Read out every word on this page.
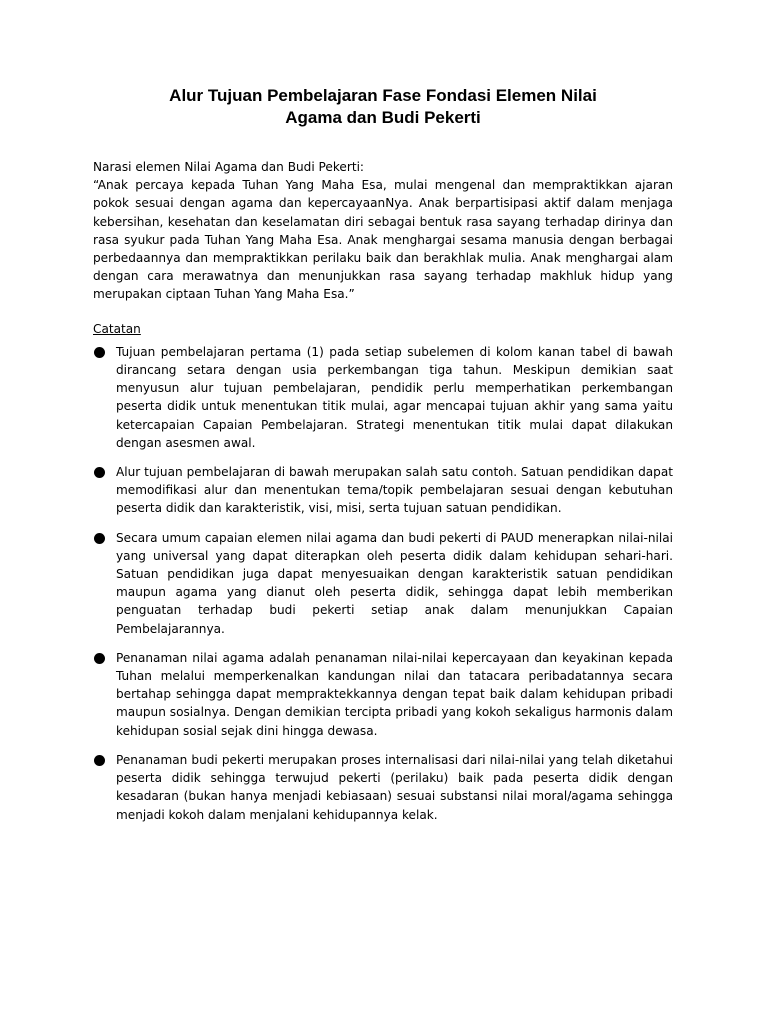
Alur Tujuan Pembelajaran Fase Fondasi Elemen Nilai
Agama dan Budi Pekerti

Narasi elemen Nilai Agama dan Budi Pekerti:

“Anak percaya kepada Tuhan Yang Maha Esa, mulai mengenal dan mempraktikkan ajaran pokok sesuai dengan agama dan kepercayaanNya. Anak berpartisipasi aktif dalam menjaga kebersihan, kesehatan dan keselamatan diri sebagai bentuk rasa sayang terhadap dirinya dan rasa syukur pada Tuhan Yang Maha Esa. Anak menghargai sesama manusia dengan berbagai perbedaannya dan mempraktikkan perilaku baik dan berakhlak mulia. Anak menghargai alam dengan cara merawatnya dan menunjukkan rasa sayang terhadap makhluk hidup yang merupakan ciptaan Tuhan Yang Maha Esa.”

Catatan

Tujuan pembelajaran pertama (1) pada setiap subelemen di kolom kanan tabel di bawah dirancang setara dengan usia perkembangan tiga tahun. Meskipun demikian saat menyusun alur tujuan pembelajaran, pendidik perlu memperhatikan perkembangan peserta didik untuk menentukan titik mulai, agar mencapai tujuan akhir yang sama yaitu ketercapaian Capaian Pembelajaran. Strategi menentukan titik mulai dapat dilakukan dengan asesmen awal.
Alur tujuan pembelajaran di bawah merupakan salah satu contoh. Satuan pendidikan dapat memodifikasi alur dan menentukan tema/topik pembelajaran sesuai dengan kebutuhan peserta didik dan karakteristik, visi, misi, serta tujuan satuan pendidikan.
Secara umum capaian elemen nilai agama dan budi pekerti di PAUD menerapkan nilai-nilai yang universal yang dapat diterapkan oleh peserta didik dalam kehidupan sehari-hari. Satuan pendidikan juga dapat menyesuaikan dengan karakteristik satuan pendidikan maupun agama yang dianut oleh peserta didik, sehingga dapat lebih memberikan penguatan terhadap budi pekerti setiap anak dalam menunjukkan Capaian Pembelajarannya.
Penanaman nilai agama adalah penanaman nilai-nilai kepercayaan dan keyakinan kepada Tuhan melalui memperkenalkan kandungan nilai dan tatacara peribadatannya secara bertahap sehingga dapat mempraktekkannya dengan tepat baik dalam kehidupan pribadi maupun sosialnya. Dengan demikian tercipta pribadi yang kokoh sekaligus harmonis dalam kehidupan sosial sejak dini hingga dewasa.
Penanaman budi pekerti merupakan proses internalisasi dari nilai-nilai yang telah diketahui peserta didik sehingga terwujud pekerti (perilaku) baik pada peserta didik dengan kesadaran (bukan hanya menjadi kebiasaan) sesuai substansi nilai moral/agama sehingga menjadi kokoh dalam menjalani kehidupannya kelak.
